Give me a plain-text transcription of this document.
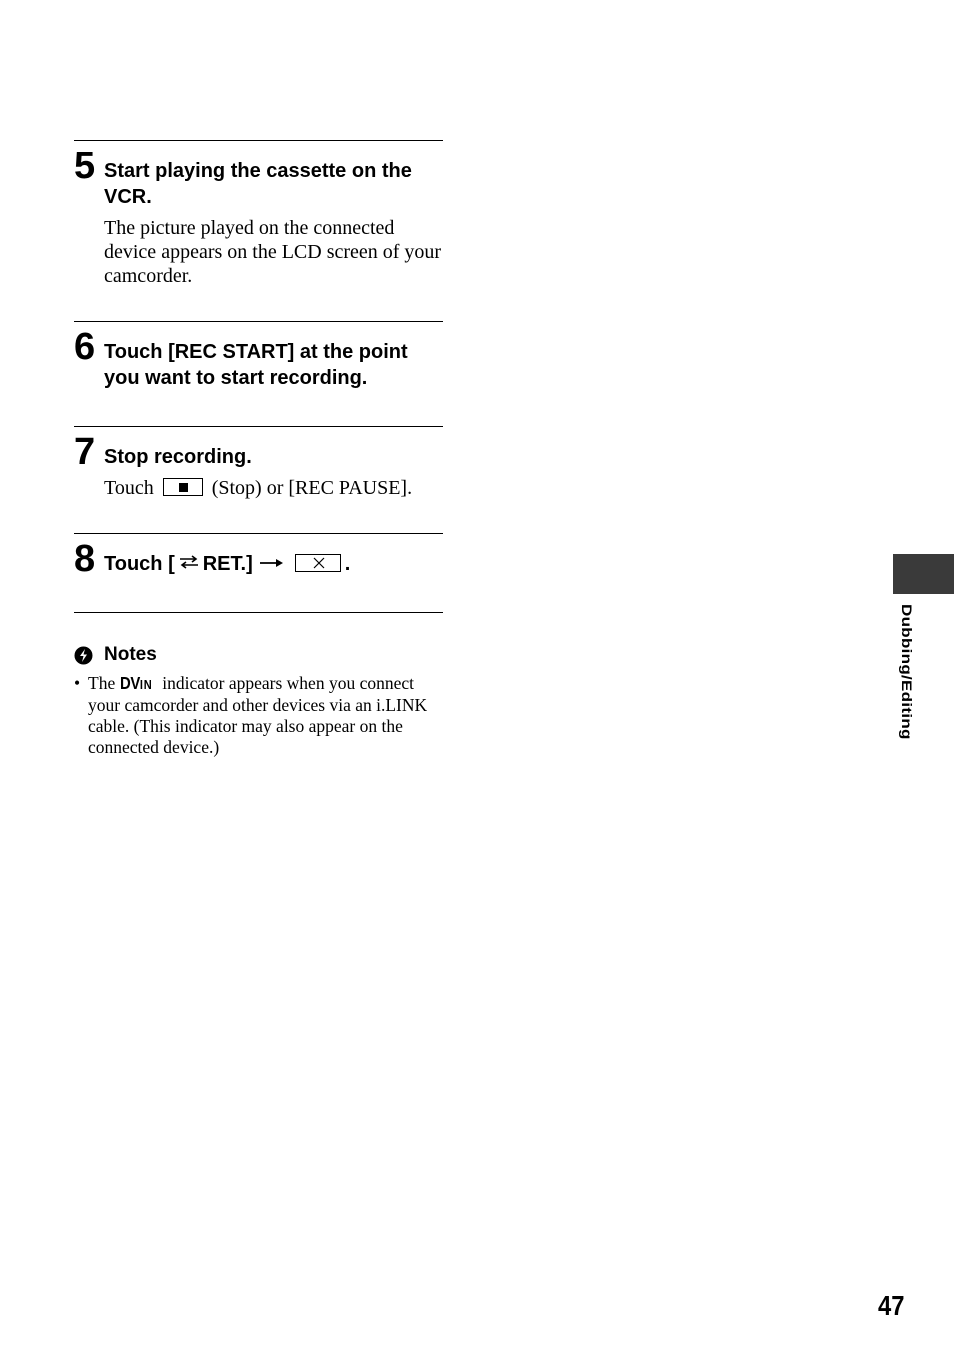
5 Start playing the cassette on the VCR.
The picture played on the connected device appears on the LCD screen of your camcorder.
6 Touch [REC START] at the point you want to start recording.
7 Stop recording.
Touch	(Stop) or [REC PAUSE].
8 Touch [ RET.]	.
Notes
• The DVIN indicator appears when you connect your camcorder and other devices via an i.LINK cable. (This indicator may also appear on the connected device.)
Dubbing/Editing
47
